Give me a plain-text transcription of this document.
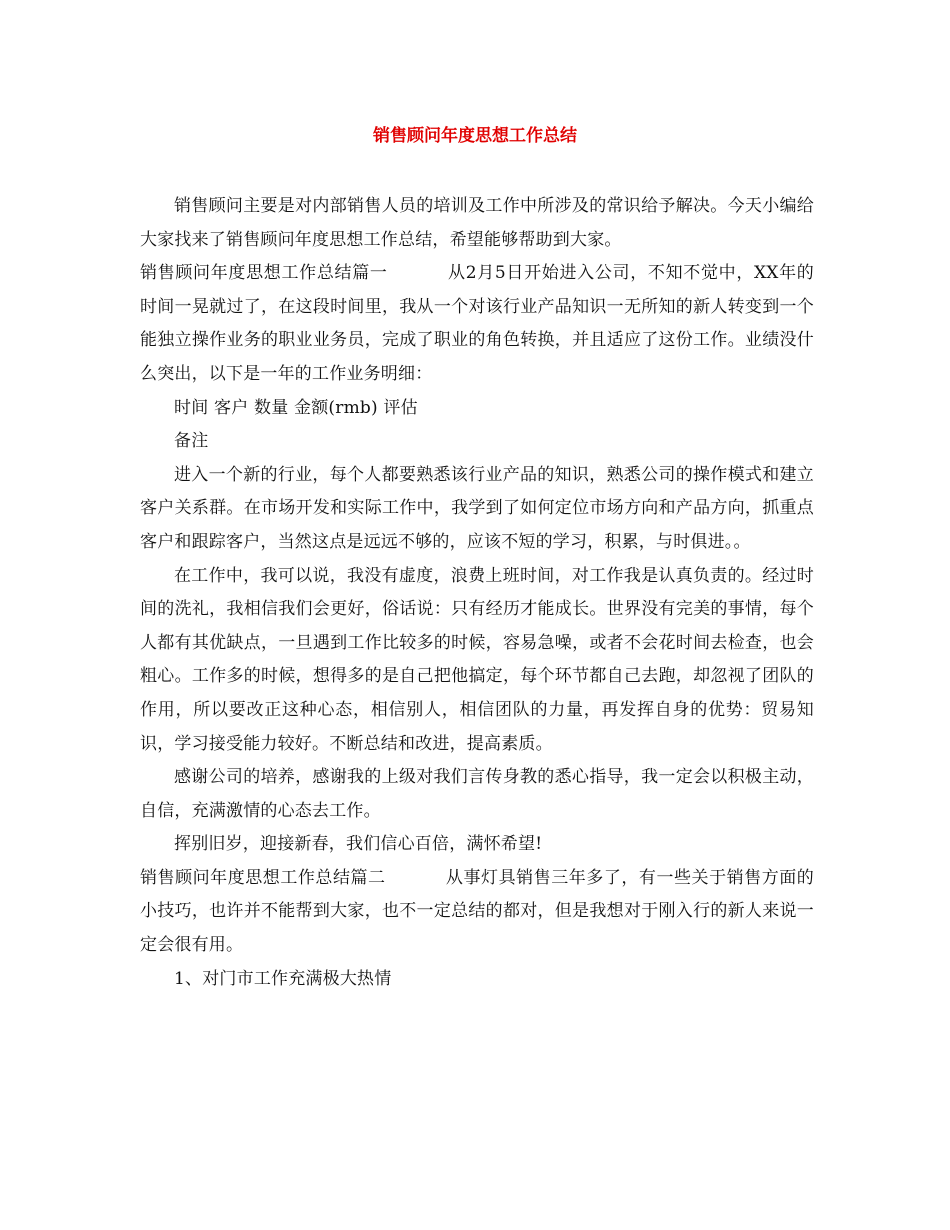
销售顾问年度思想工作总结

销售顾问主要是对内部销售人员的培训及工作中所涉及的常识给予解决。今天小编给大家找来了销售顾问年度思想工作总结，希望能够帮助到大家。

销售顾问年度思想工作总结篇一	从2月5日开始进入公司，不知不觉中，XX年的时间一晃就过了，在这段时间里，我从一个对该行业产品知识一无所知的新人转变到一个能独立操作业务的职业业务员，完成了职业的角色转换，并且适应了这份工作。业绩没什么突出，以下是一年的工作业务明细：

时间 客户 数量 金额(rmb) 评估

备注

进入一个新的行业，每个人都要熟悉该行业产品的知识，熟悉公司的操作模式和建立客户关系群。在市场开发和实际工作中，我学到了如何定位市场方向和产品方向，抓重点客户和跟踪客户，当然这点是远远不够的，应该不短的学习，积累，与时俱进。。

在工作中，我可以说，我没有虚度，浪费上班时间，对工作我是认真负责的。经过时间的洗礼，我相信我们会更好，俗话说：只有经历才能成长。世界没有完美的事情，每个人都有其优缺点，一旦遇到工作比较多的时候，容易急噪，或者不会花时间去检查，也会粗心。工作多的时候，想得多的是自己把他搞定，每个环节都自己去跑，却忽视了团队的作用，所以要改正这种心态，相信别人，相信团队的力量，再发挥自身的优势：贸易知识，学习接受能力较好。不断总结和改进，提高素质。

感谢公司的培养，感谢我的上级对我们言传身教的悉心指导，我一定会以积极主动，自信，充满激情的心态去工作。

挥别旧岁，迎接新春，我们信心百倍，满怀希望!

销售顾问年度思想工作总结篇二	从事灯具销售三年多了，有一些关于销售方面的小技巧，也许并不能帮到大家，也不一定总结的都对，但是我想对于刚入行的新人来说一定会很有用。

1、对门市工作充满极大热情
